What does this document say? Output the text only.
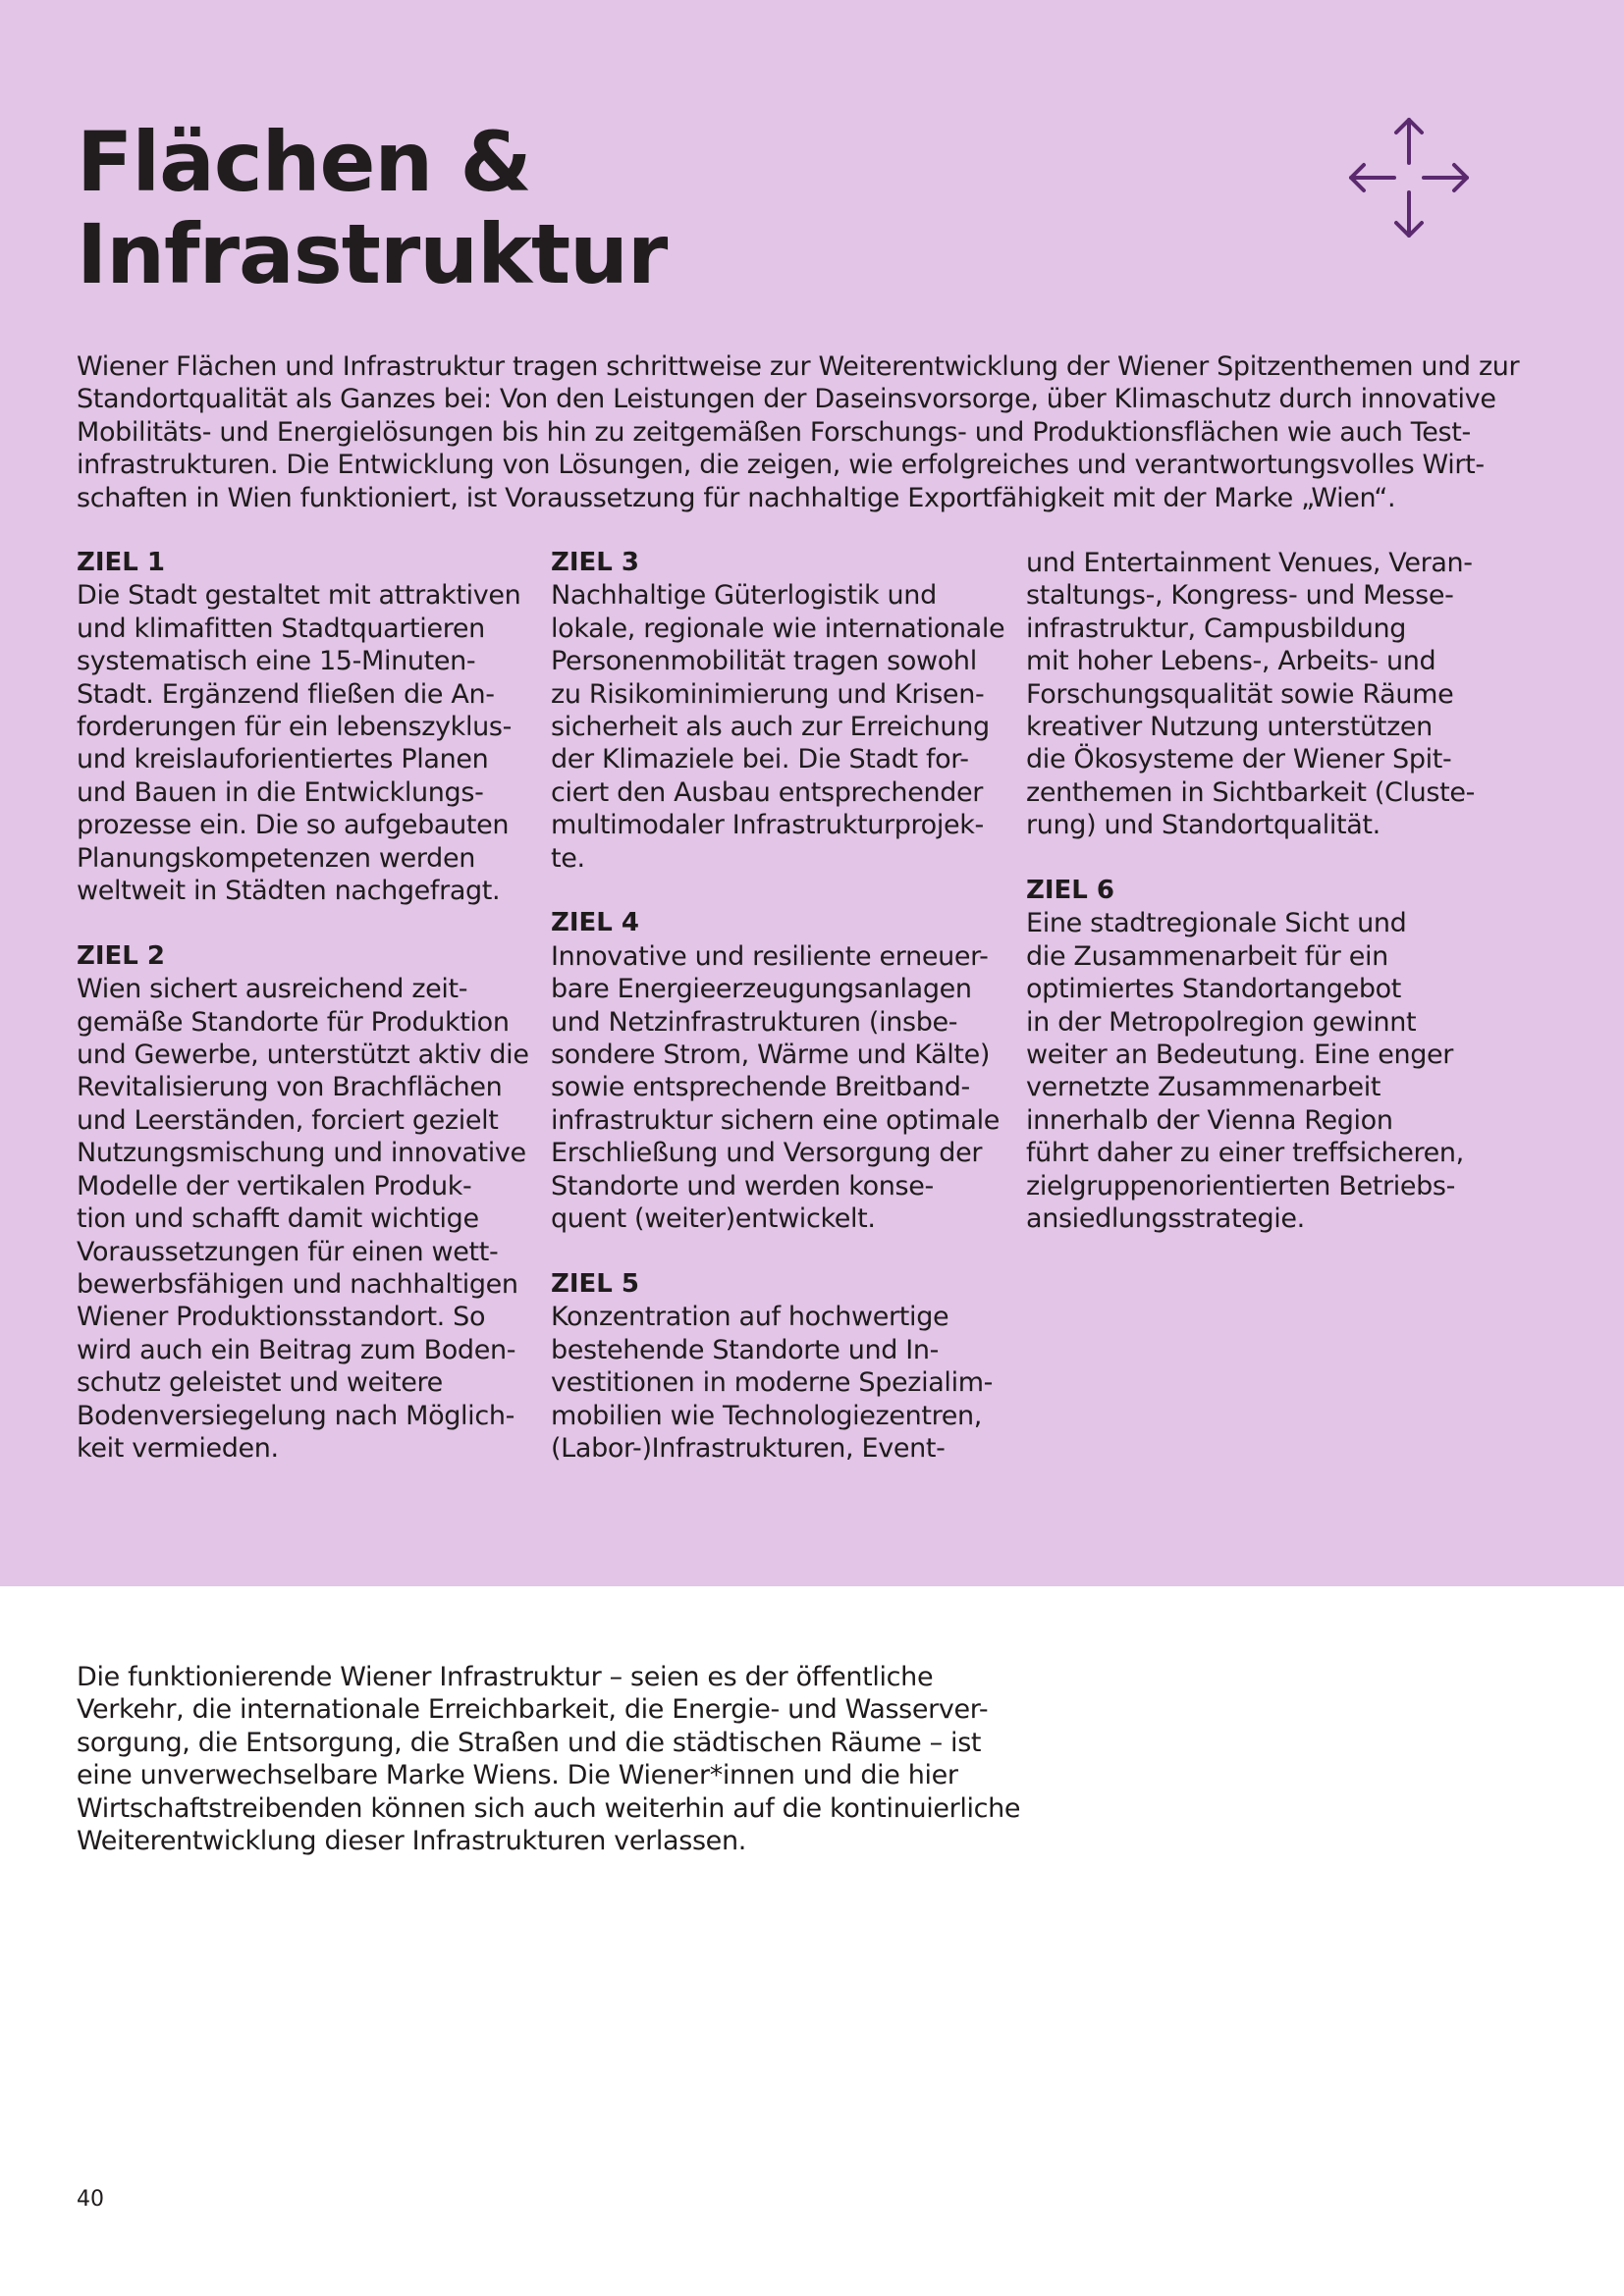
Flächen &
Infrastruktur

Wiener Flächen und Infrastruktur tragen schrittweise zur Weiterentwicklung der Wiener Spitzenthemen und zur
Standortqualität als Ganzes bei: Von den Leistungen der Daseinsvorsorge, über Klimaschutz durch innovative
Mobilitäts- und Energielösungen bis hin zu zeitgemäßen Forschungs- und Produktionsflächen wie auch Test-
infrastrukturen. Die Entwicklung von Lösungen, die zeigen, wie erfolgreiches und verantwortungsvolles Wirt-
schaften in Wien funktioniert, ist Voraussetzung für nachhaltige Exportfähigkeit mit der Marke „Wien“.

ZIEL 1

Die Stadt gestaltet mit attraktiven
und klimafitten Stadtquartieren
systematisch eine 15-Minuten-
Stadt. Ergänzend fließen die An-
forderungen für ein lebenszyklus-
und kreislauforientiertes Planen
und Bauen in die Entwicklungs-
prozesse ein. Die so aufgebauten
Planungskompetenzen werden
weltweit in Städten nachgefragt.

ZIEL 2

Wien sichert ausreichend zeit-
gemäße Standorte für Produktion
und Gewerbe, unterstützt aktiv die
Revitalisierung von Brachflächen
und Leerständen, forciert gezielt
Nutzungsmischung und innovative
Modelle der vertikalen Produk-
tion und schafft damit wichtige
Voraussetzungen für einen wett-
bewerbsfähigen und nachhaltigen
Wiener Produktionsstandort. So
wird auch ein Beitrag zum Boden-
schutz geleistet und weitere
Bodenversiegelung nach Möglich-
keit vermieden.

ZIEL 3

Nachhaltige Güterlogistik und
lokale, regionale wie internationale
Personenmobilität tragen sowohl
zu Risikominimierung und Krisen-
sicherheit als auch zur Erreichung
der Klimaziele bei. Die Stadt for-
ciert den Ausbau entsprechender
multimodaler Infrastrukturprojek-
te.

ZIEL 4

Innovative und resiliente erneuer-
bare Energieerzeugungsanlagen
und Netzinfrastrukturen (insbe-
sondere Strom, Wärme und Kälte)
sowie entsprechende Breitband-
infrastruktur sichern eine optimale
Erschließung und Versorgung der
Standorte und werden konse-
quent (weiter)entwickelt.

ZIEL 5

Konzentration auf hochwertige
bestehende Standorte und In-
vestitionen in moderne Spezialim-
mobilien wie Technologiezentren,
(Labor-)Infrastrukturen, Event-

und Entertainment Venues, Veran-
staltungs-, Kongress- und Messe-
infrastruktur, Campusbildung
mit hoher Lebens-, Arbeits- und
Forschungsqualität sowie Räume
kreativer Nutzung unterstützen
die Ökosysteme der Wiener Spit-
zenthemen in Sichtbarkeit (Cluste-
rung) und Standortqualität.

ZIEL 6

Eine stadtregionale Sicht und
die Zusammenarbeit für ein
optimiertes Standortangebot
in der Metropolregion gewinnt
weiter an Bedeutung. Eine enger
vernetzte Zusammenarbeit
innerhalb der Vienna Region
führt daher zu einer treffsicheren,
zielgruppenorientierten Betriebs-
ansiedlungsstrategie.

Die funktionierende Wiener Infrastruktur – seien es der öffentliche
Verkehr, die internationale Erreichbarkeit, die Energie- und Wasserver-
sorgung, die Entsorgung, die Straßen und die städtischen Räume – ist
eine unverwechselbare Marke Wiens. Die Wiener*innen und die hier
Wirtschaftstreibenden können sich auch weiterhin auf die kontinuierliche
Weiterentwicklung dieser Infrastrukturen verlassen.

40
